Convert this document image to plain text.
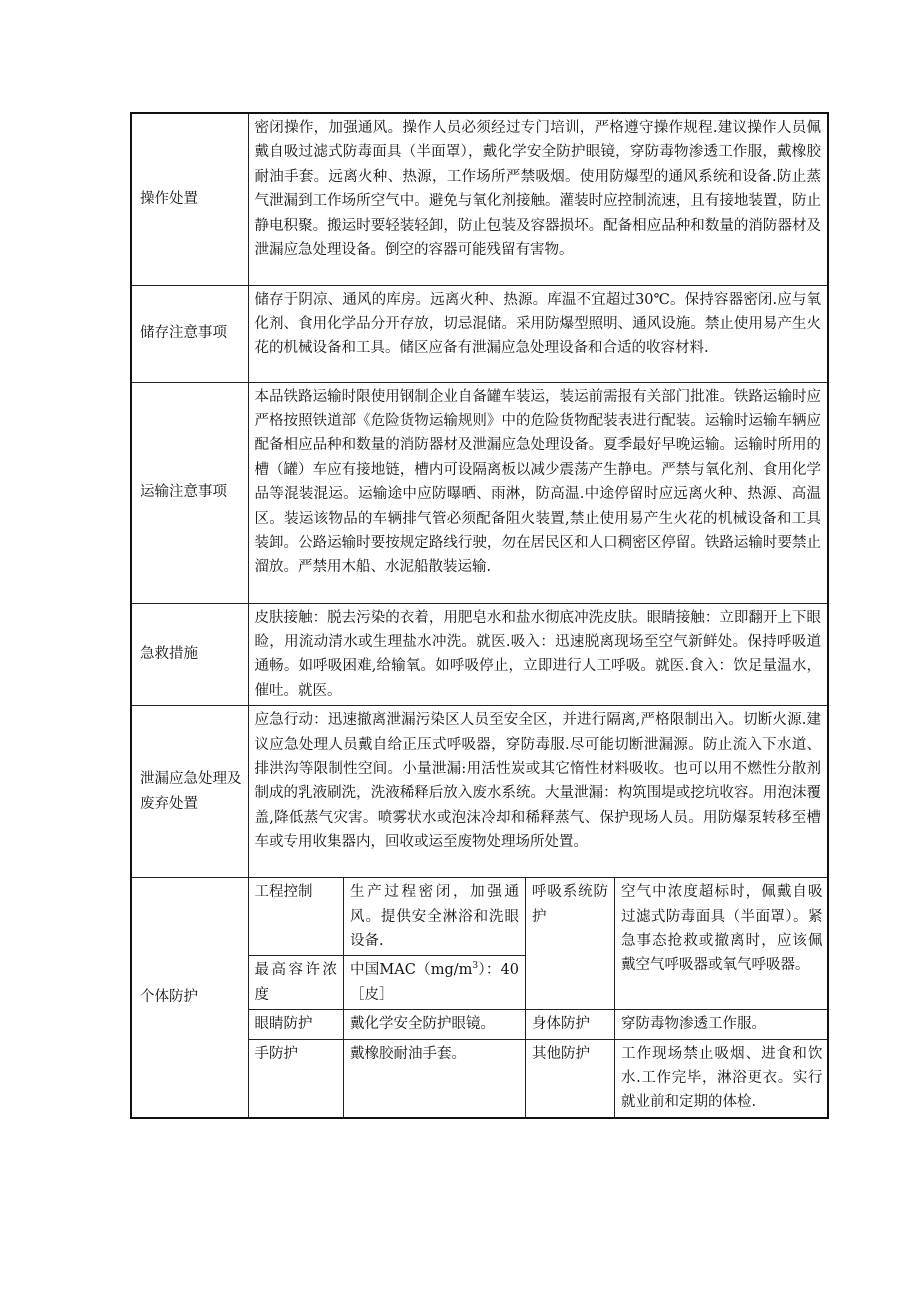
操作处置	密闭操作，加强通风。操作人员必须经过专门培训，严格遵守操作规程.建议操作人员佩戴自吸过滤式防毒面具（半面罩），戴化学安全防护眼镜，穿防毒物渗透工作服，戴橡胶耐油手套。远离火种、热源，工作场所严禁吸烟。使用防爆型的通风系统和设备.防止蒸气泄漏到工作场所空气中。避免与氧化剂接触。灌装时应控制流速，且有接地装置，防止静电积聚。搬运时要轻装轻卸，防止包装及容器损坏。配备相应品种和数量的消防器材及泄漏应急处理设备。倒空的容器可能残留有害物。
储存注意事项	储存于阴凉、通风的库房。远离火种、热源。库温不宜超过30℃。保持容器密闭.应与氧化剂、食用化学品分开存放，切忌混储。采用防爆型照明、通风设施。禁止使用易产生火花的机械设备和工具。储区应备有泄漏应急处理设备和合适的收容材料.
运输注意事项	本品铁路运输时限使用钢制企业自备罐车装运，装运前需报有关部门批准。铁路运输时应严格按照铁道部《危险货物运输规则》中的危险货物配装表进行配装。运输时运输车辆应配备相应品种和数量的消防器材及泄漏应急处理设备。夏季最好早晚运输。运输时所用的槽（罐）车应有接地链，槽内可设隔离板以减少震荡产生静电。严禁与氧化剂、食用化学品等混装混运。运输途中应防曝晒、雨淋，防高温.中途停留时应远离火种、热源、高温区。装运该物品的车辆排气管必须配备阻火装置,禁止使用易产生火花的机械设备和工具装卸。公路运输时要按规定路线行驶，勿在居民区和人口稠密区停留。铁路运输时要禁止溜放。严禁用木船、水泥船散装运输.
急救措施	皮肤接触：脱去污染的衣着，用肥皂水和盐水彻底冲洗皮肤。眼睛接触：立即翻开上下眼睑，用流动清水或生理盐水冲洗。就医.吸入：迅速脱离现场至空气新鲜处。保持呼吸道通畅。如呼吸困难,给输氧。如呼吸停止，立即进行人工呼吸。就医.食入：饮足量温水，催吐。就医。
泄漏应急处理及废弃处置	应急行动：迅速撤离泄漏污染区人员至安全区，并进行隔离,严格限制出入。切断火源.建议应急处理人员戴自给正压式呼吸器，穿防毒服.尽可能切断泄漏源。防止流入下水道、排洪沟等限制性空间。小量泄漏:用活性炭或其它惰性材料吸收。也可以用不燃性分散剂制成的乳液刷洗，洗液稀释后放入废水系统。大量泄漏：构筑围堤或挖坑收容。用泡沫覆盖,降低蒸气灾害。喷雾状水或泡沫冷却和稀释蒸气、保护现场人员。用防爆泵转移至槽车或专用收集器内，回收或运至废物处理场所处置。
个体防护	
工程控制	生产过程密闭，加强通风。提供安全淋浴和洗眼设备.	呼吸系统防护	空气中浓度超标时，佩戴自吸过滤式防毒面具（半面罩）。紧急事态抢救或撤离时，应该佩戴空气呼吸器或氧气呼吸器。
最高容许浓度	中国$MAC(mg/m^3)$：40［皮］
眼睛防护	戴化学安全防护眼镜。	身体防护	穿防毒物渗透工作服。
手防护	戴橡胶耐油手套。	其他防护	工作现场禁止吸烟、进食和饮水.工作完毕，淋浴更衣。实行就业前和定期的体检.
